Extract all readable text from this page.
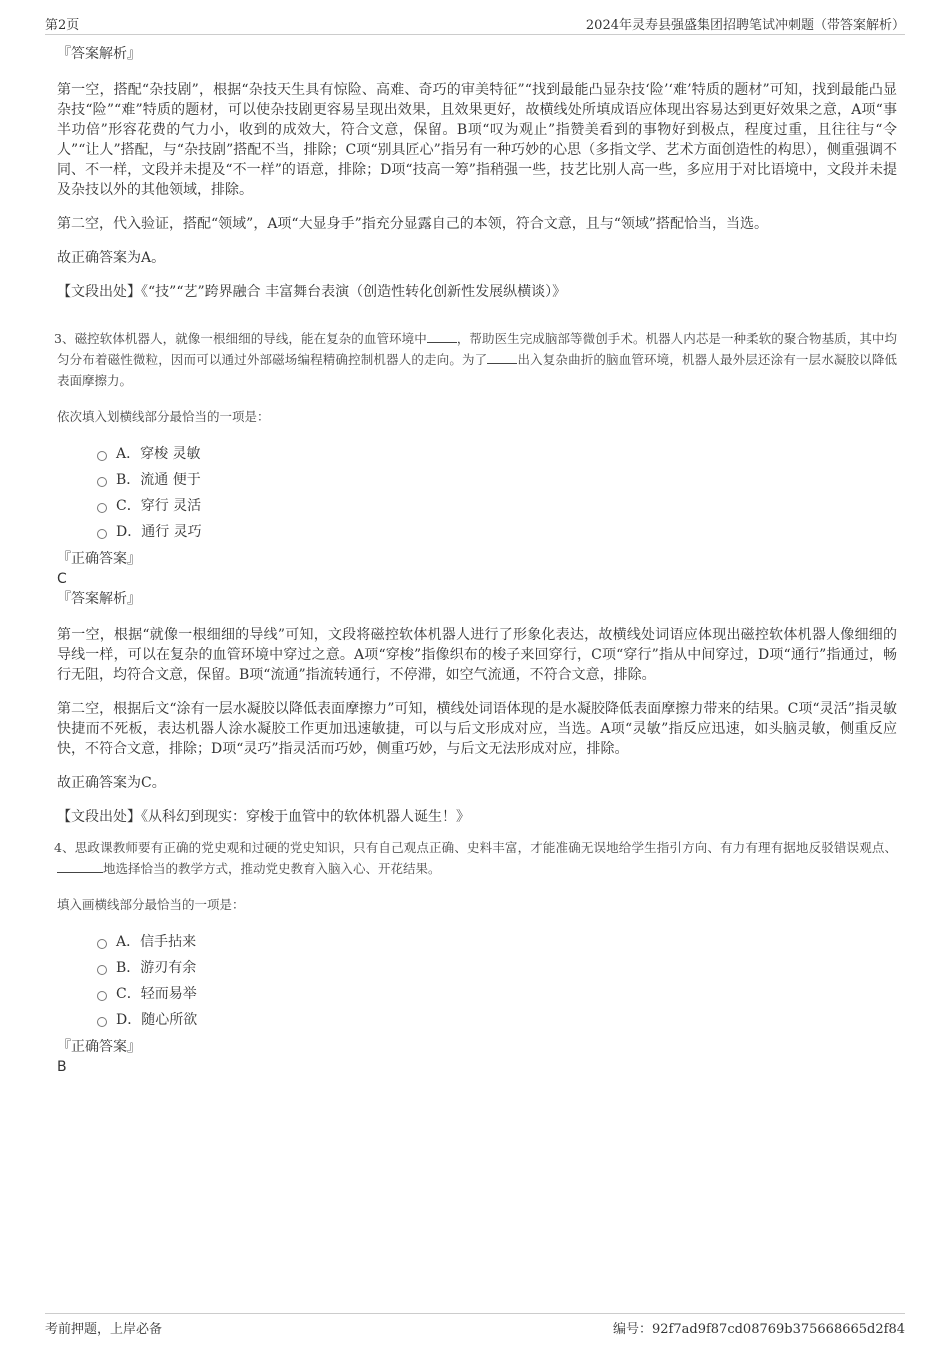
第2页	2024年灵寿县强盛集团招聘笔试冲刺题（带答案解析）

『答案解析』

第一空，搭配“杂技剧”，根据“杂技天生具有惊险、高难、奇巧的审美特征”“找到最能凸显杂技‘险’‘难’特质的题材”可知，找到最能凸显杂技“险”“难”特质的题材，可以使杂技剧更容易呈现出效果，且效果更好，故横线处所填成语应体现出容易达到更好效果之意，A项“事半功倍”形容花费的气力小，收到的成效大，符合文意，保留。B项“叹为观止”指赞美看到的事物好到极点，程度过重，且往往与“令人”“让人”搭配，与“杂技剧”搭配不当，排除；C项“别具匠心”指另有一种巧妙的心思（多指文学、艺术方面创造性的构思），侧重强调不同、不一样，文段并未提及“不一样”的语意，排除；D项“技高一筹”指稍强一些，技艺比别人高一些，多应用于对比语境中，文段并未提及杂技以外的其他领域，排除。

第二空，代入验证，搭配“领域”，A项“大显身手”指充分显露自己的本领，符合文意，且与“领域”搭配恰当，当选。

故正确答案为A。

【文段出处】《“技”“艺”跨界融合 丰富舞台表演（创造性转化创新性发展纵横谈）》

3、磁控软体机器人，就像一根细细的导线，能在复杂的血管环境中 ，帮助医生完成脑部等微创手术。机器人内芯是一种柔软的聚合物基质，其中均匀分布着磁性微粒，因而可以通过外部磁场编程精确控制机器人的走向。为了 出入复杂曲折的脑血管环境，机器人最外层还涂有一层水凝胶以降低表面摩擦力。

依次填入划横线部分最恰当的一项是：

A．穿梭 灵敏
B．流通 便于
C．穿行 灵活
D．通行 灵巧

『正确答案』

C

『答案解析』

第一空，根据“就像一根细细的导线”可知，文段将磁控软体机器人进行了形象化表达，故横线处词语应体现出磁控软体机器人像细细的导线一样，可以在复杂的血管环境中穿过之意。A项“穿梭”指像织布的梭子来回穿行，C项“穿行”指从中间穿过，D项“通行”指通过，畅行无阻，均符合文意，保留。B项“流通”指流转通行，不停滞，如空气流通，不符合文意，排除。

第二空，根据后文“涂有一层水凝胶以降低表面摩擦力”可知，横线处词语体现的是水凝胶降低表面摩擦力带来的结果。C项“灵活”指灵敏快捷而不死板，表达机器人涂水凝胶工作更加迅速敏捷，可以与后文形成对应，当选。A项“灵敏”指反应迅速，如头脑灵敏，侧重反应快，不符合文意，排除；D项“灵巧”指灵活而巧妙，侧重巧妙，与后文无法形成对应，排除。

故正确答案为C。

【文段出处】《从科幻到现实：穿梭于血管中的软体机器人诞生！》

4、思政课教师要有正确的党史观和过硬的党史知识，只有自己观点正确、史料丰富，才能准确无误地给学生指引方向、有力有理有据地反驳错误观点、地选择恰当的教学方式，推动党史教育入脑入心、开花结果。

填入画横线部分最恰当的一项是：

A．信手拈来
B．游刃有余
C．轻而易举
D．随心所欲

『正确答案』

B

考前押题，上岸必备	编号：92f7ad9f87cd08769b375668665d2f84
